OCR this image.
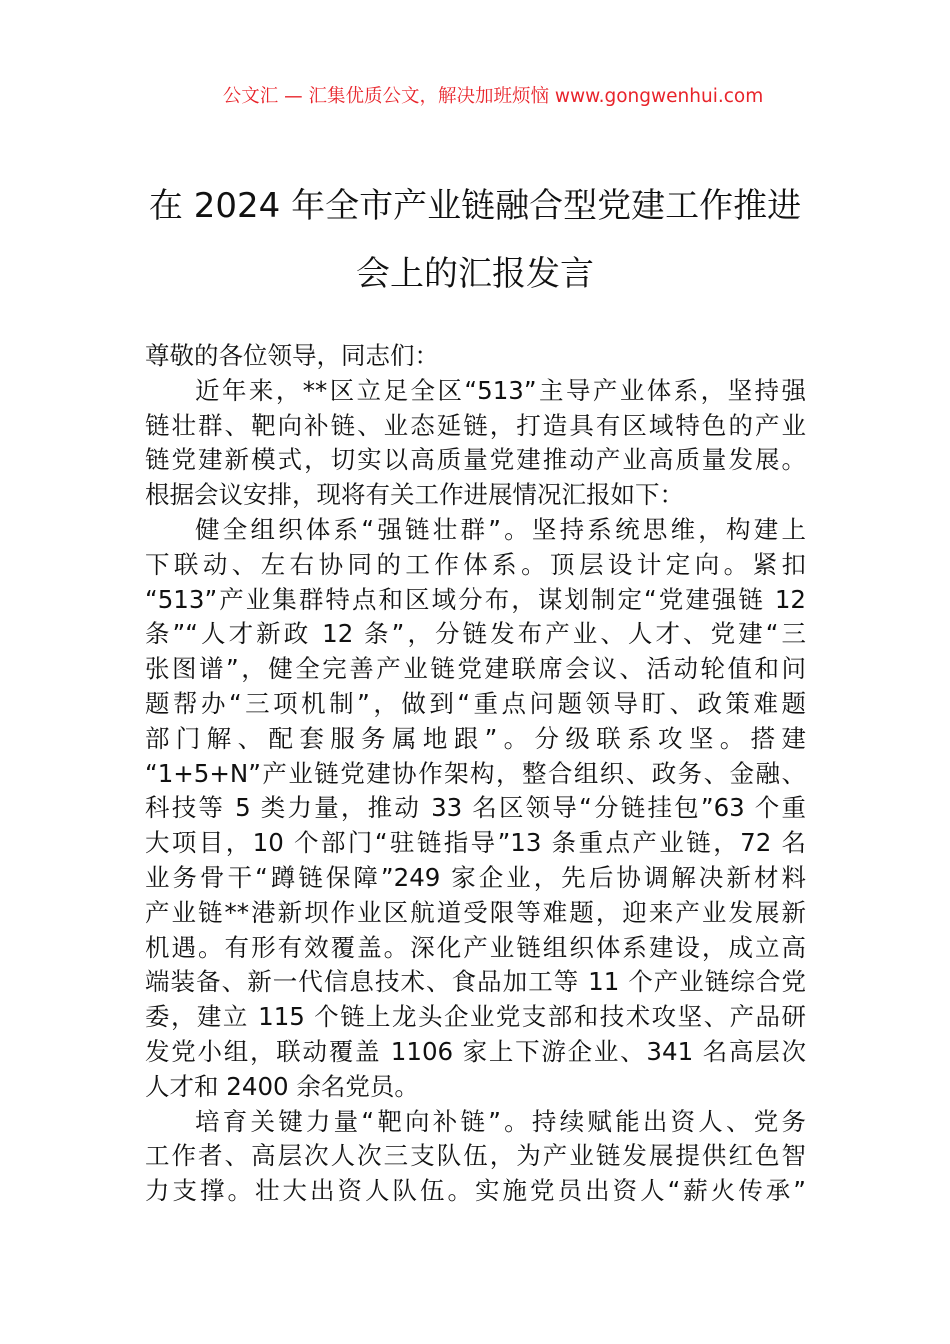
公文汇 — 汇集优质公文，解决加班烦恼 www.gongwenhui.com
在 2024 年全市产业链融合型党建工作推进
会上的汇报发言
尊敬的各位领导，同志们：
近年来，**区立足全区“513”主导产业体系，坚持强
链壮群、靶向补链、业态延链，打造具有区域特色的产业
链党建新模式，切实以高质量党建推动产业高质量发展。
根据会议安排，现将有关工作进展情况汇报如下：
健全组织体系“强链壮群”。坚持系统思维，构建上
下联动、左右协同的工作体系。顶层设计定向。紧扣
“513”产业集群特点和区域分布，谋划制定“党建强链 12
条”“人才新政 12 条”，分链发布产业、人才、党建“三
张图谱”，健全完善产业链党建联席会议、活动轮值和问
题帮办“三项机制”，做到“重点问题领导盯、政策难题
部门解、配套服务属地跟”。分级联系攻坚。搭建
“1+5+N”产业链党建协作架构，整合组织、政务、金融、
科技等 5 类力量，推动 33 名区领导“分链挂包”63 个重
大项目，10 个部门“驻链指导”13 条重点产业链，72 名
业务骨干“蹲链保障”249 家企业，先后协调解决新材料
产业链**港新坝作业区航道受限等难题，迎来产业发展新
机遇。有形有效覆盖。深化产业链组织体系建设，成立高
端装备、新一代信息技术、食品加工等 11 个产业链综合党
委，建立 115 个链上龙头企业党支部和技术攻坚、产品研
发党小组，联动覆盖 1106 家上下游企业、341 名高层次
人才和 2400 余名党员。
培育关键力量“靶向补链”。持续赋能出资人、党务
工作者、高层次人次三支队伍，为产业链发展提供红色智
力支撑。壮大出资人队伍。实施党员出资人“薪火传承”
